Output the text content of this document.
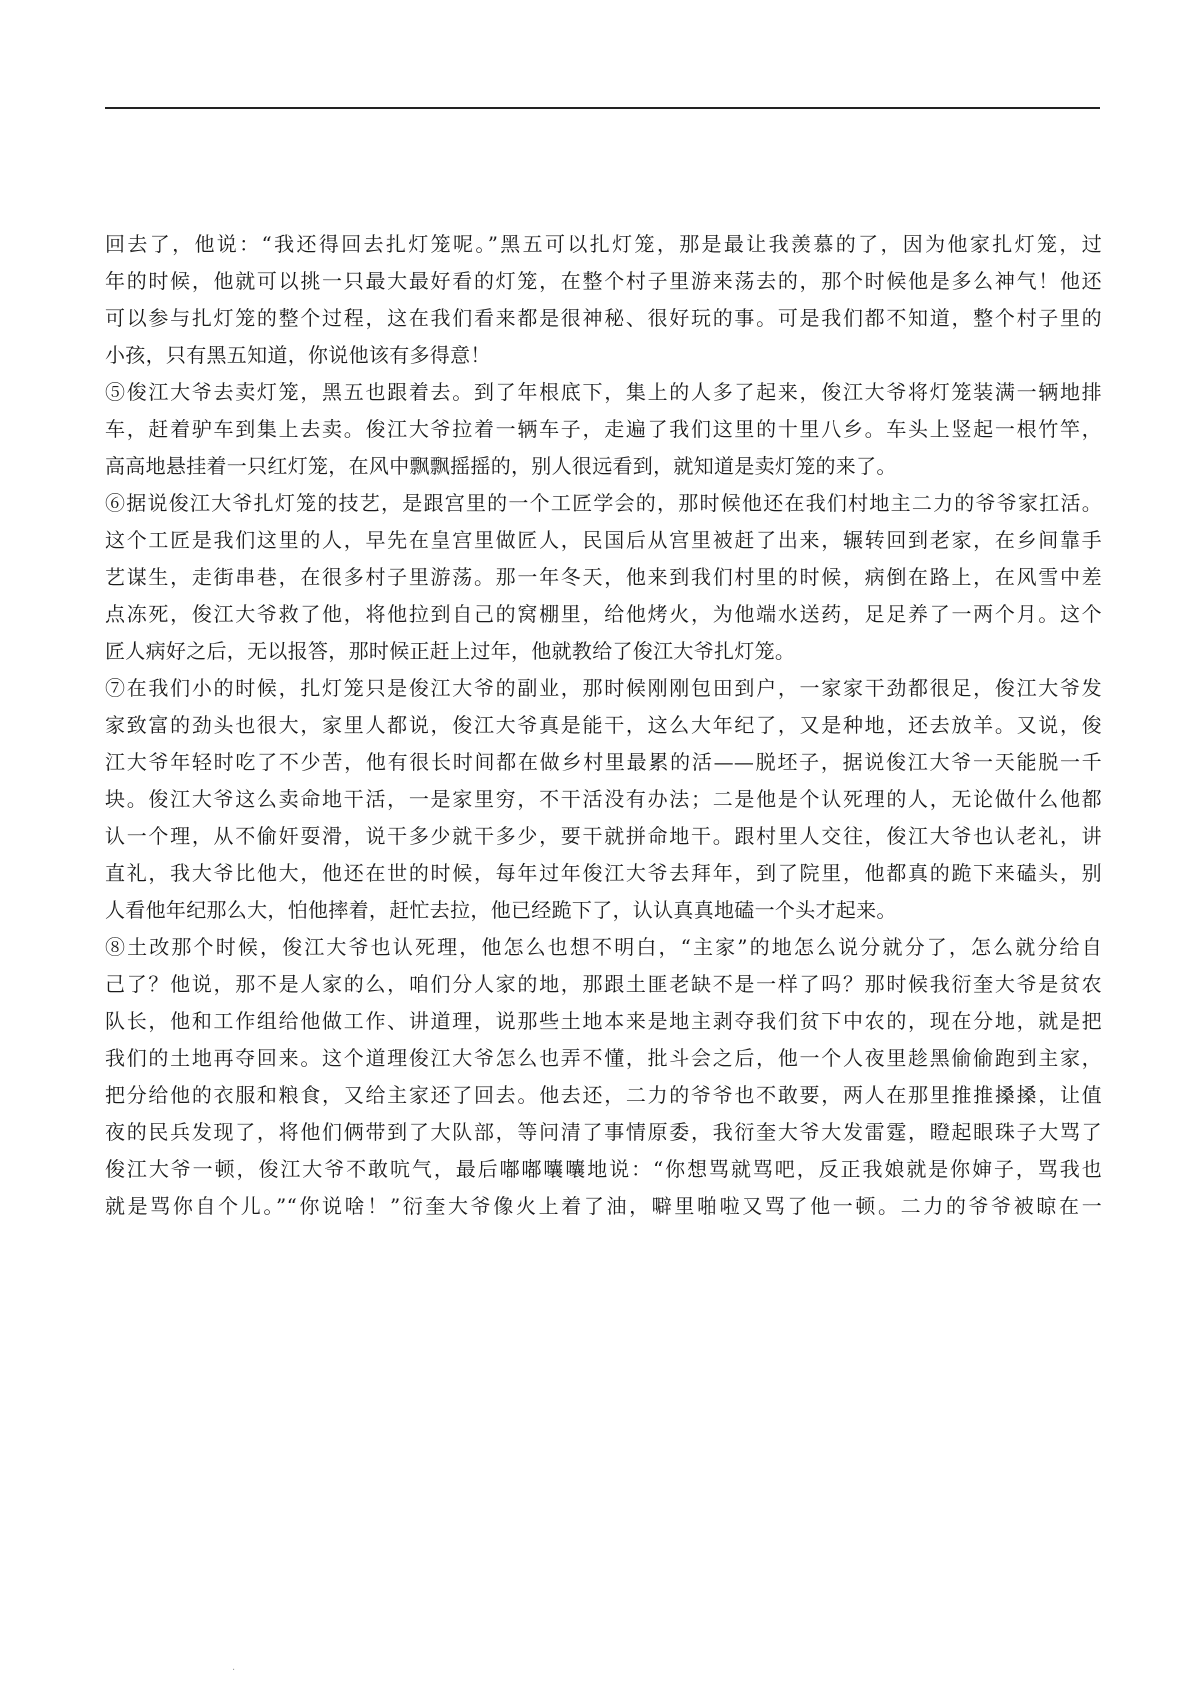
回去了，他说：“我还得回去扎灯笼呢。”黑五可以扎灯笼，那是最让我羡慕的了，因为他家扎灯笼，过
年的时候，他就可以挑一只最大最好看的灯笼，在整个村子里游来荡去的，那个时候他是多么神气！他还
可以参与扎灯笼的整个过程，这在我们看来都是很神秘、很好玩的事。可是我们都不知道，整个村子里的
小孩，只有黑五知道，你说他该有多得意！
⑤俊江大爷去卖灯笼，黑五也跟着去。到了年根底下，集上的人多了起来，俊江大爷将灯笼装满一辆地排
车，赶着驴车到集上去卖。俊江大爷拉着一辆车子，走遍了我们这里的十里八乡。车头上竖起一根竹竿，
高高地悬挂着一只红灯笼，在风中飘飘摇摇的，别人很远看到，就知道是卖灯笼的来了。
⑥据说俊江大爷扎灯笼的技艺，是跟宫里的一个工匠学会的，那时候他还在我们村地主二力的爷爷家扛活。
这个工匠是我们这里的人，早先在皇宫里做匠人，民国后从宫里被赶了出来，辗转回到老家，在乡间靠手
艺谋生，走街串巷，在很多村子里游荡。那一年冬天，他来到我们村里的时候，病倒在路上，在风雪中差
点冻死，俊江大爷救了他，将他拉到自己的窝棚里，给他烤火，为他端水送药，足足养了一两个月。这个
匠人病好之后，无以报答，那时候正赶上过年，他就教给了俊江大爷扎灯笼。
⑦在我们小的时候，扎灯笼只是俊江大爷的副业，那时候刚刚包田到户，一家家干劲都很足，俊江大爷发
家致富的劲头也很大，家里人都说，俊江大爷真是能干，这么大年纪了，又是种地，还去放羊。又说，俊
江大爷年轻时吃了不少苦，他有很长时间都在做乡村里最累的活——脱坯子，据说俊江大爷一天能脱一千
块。俊江大爷这么卖命地干活，一是家里穷，不干活没有办法；二是他是个认死理的人，无论做什么他都
认一个理，从不偷奸耍滑，说干多少就干多少，要干就拼命地干。跟村里人交往，俊江大爷也认老礼，讲
直礼，我大爷比他大，他还在世的时候，每年过年俊江大爷去拜年，到了院里，他都真的跪下来磕头，别
人看他年纪那么大，怕他摔着，赶忙去拉，他已经跪下了，认认真真地磕一个头才起来。
⑧土改那个时候，俊江大爷也认死理，他怎么也想不明白，“主家”的地怎么说分就分了，怎么就分给自
己了？他说，那不是人家的么，咱们分人家的地，那跟土匪老缺不是一样了吗？那时候我衍奎大爷是贫农
队长，他和工作组给他做工作、讲道理，说那些土地本来是地主剥夺我们贫下中农的，现在分地，就是把
我们的土地再夺回来。这个道理俊江大爷怎么也弄不懂，批斗会之后，他一个人夜里趁黑偷偷跑到主家，
把分给他的衣服和粮食，又给主家还了回去。他去还，二力的爷爷也不敢要，两人在那里推推搡搡，让值
夜的民兵发现了，将他们俩带到了大队部，等问清了事情原委，我衍奎大爷大发雷霆，瞪起眼珠子大骂了
俊江大爷一顿，俊江大爷不敢吭气，最后嘟嘟囔囔地说：“你想骂就骂吧，反正我娘就是你婶子，骂我也
就是骂你自个儿。”“你说啥！”衍奎大爷像火上着了油，噼里啪啦又骂了他一顿。二力的爷爷被晾在一
·
